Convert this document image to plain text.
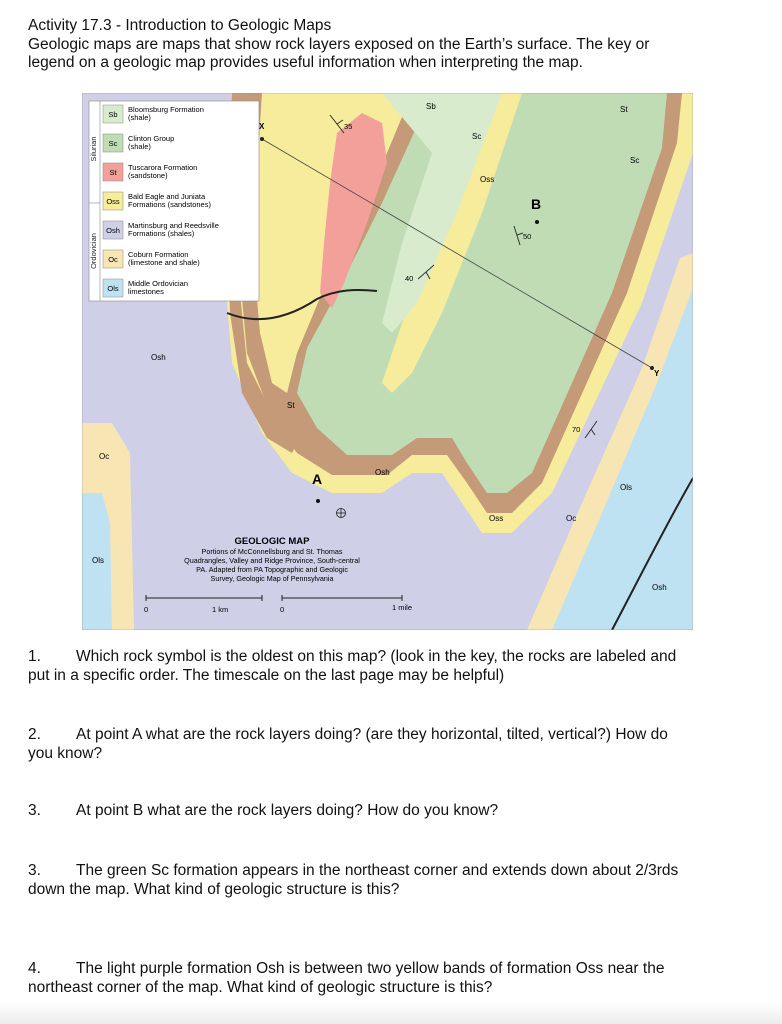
Activity 17.3 - Introduction to Geologic Maps
Geologic maps are maps that show rock layers exposed on the Earth’s surface. The key or
legend on a geologic map provides useful information when interpreting the map.
Silurian
Ordovician
Sb
Bloomsburg Formation
(shale)
Sc
Clinton Group
(shale)
St
Tuscarora Formation
(sandstone)
Oss
Bald Eagle and Juniata
Formations (sandstones)
Osh
Martinsburg and Reedsville
Formations (shales)
Oc
Coburn Formation
(limestone and shale)
Ols
Middle Ordovician
limestones
X
Y
35
40
50
70
Sb
Sc
Sc
St
St
Oss
Oss
Osh
Osh
Osh
Oc
Oc
Ols
Ols
A
B
GEOLOGIC MAP
Portions of McConnellsburg and St. Thomas
Quadrangles, Valley and Ridge Province, South-central
PA. Adapted from PA Topographic and Geologic
Survey, Geologic Map of Pennsylvania
0	1 km	0	1 mile
1. Which rock symbol is the oldest on this map? (look in the key, the rocks are labeled and
put in a specific order. The timescale on the last page may be helpful)
2. At point A what are the rock layers doing? (are they horizontal, tilted, vertical?) How do
you know?
3. At point B what are the rock layers doing? How do you know?
3. The green Sc formation appears in the northeast corner and extends down about 2/3rds
down the map. What kind of geologic structure is this?
4. The light purple formation Osh is between two yellow bands of formation Oss near the
northeast corner of the map. What kind of geologic structure is this?
